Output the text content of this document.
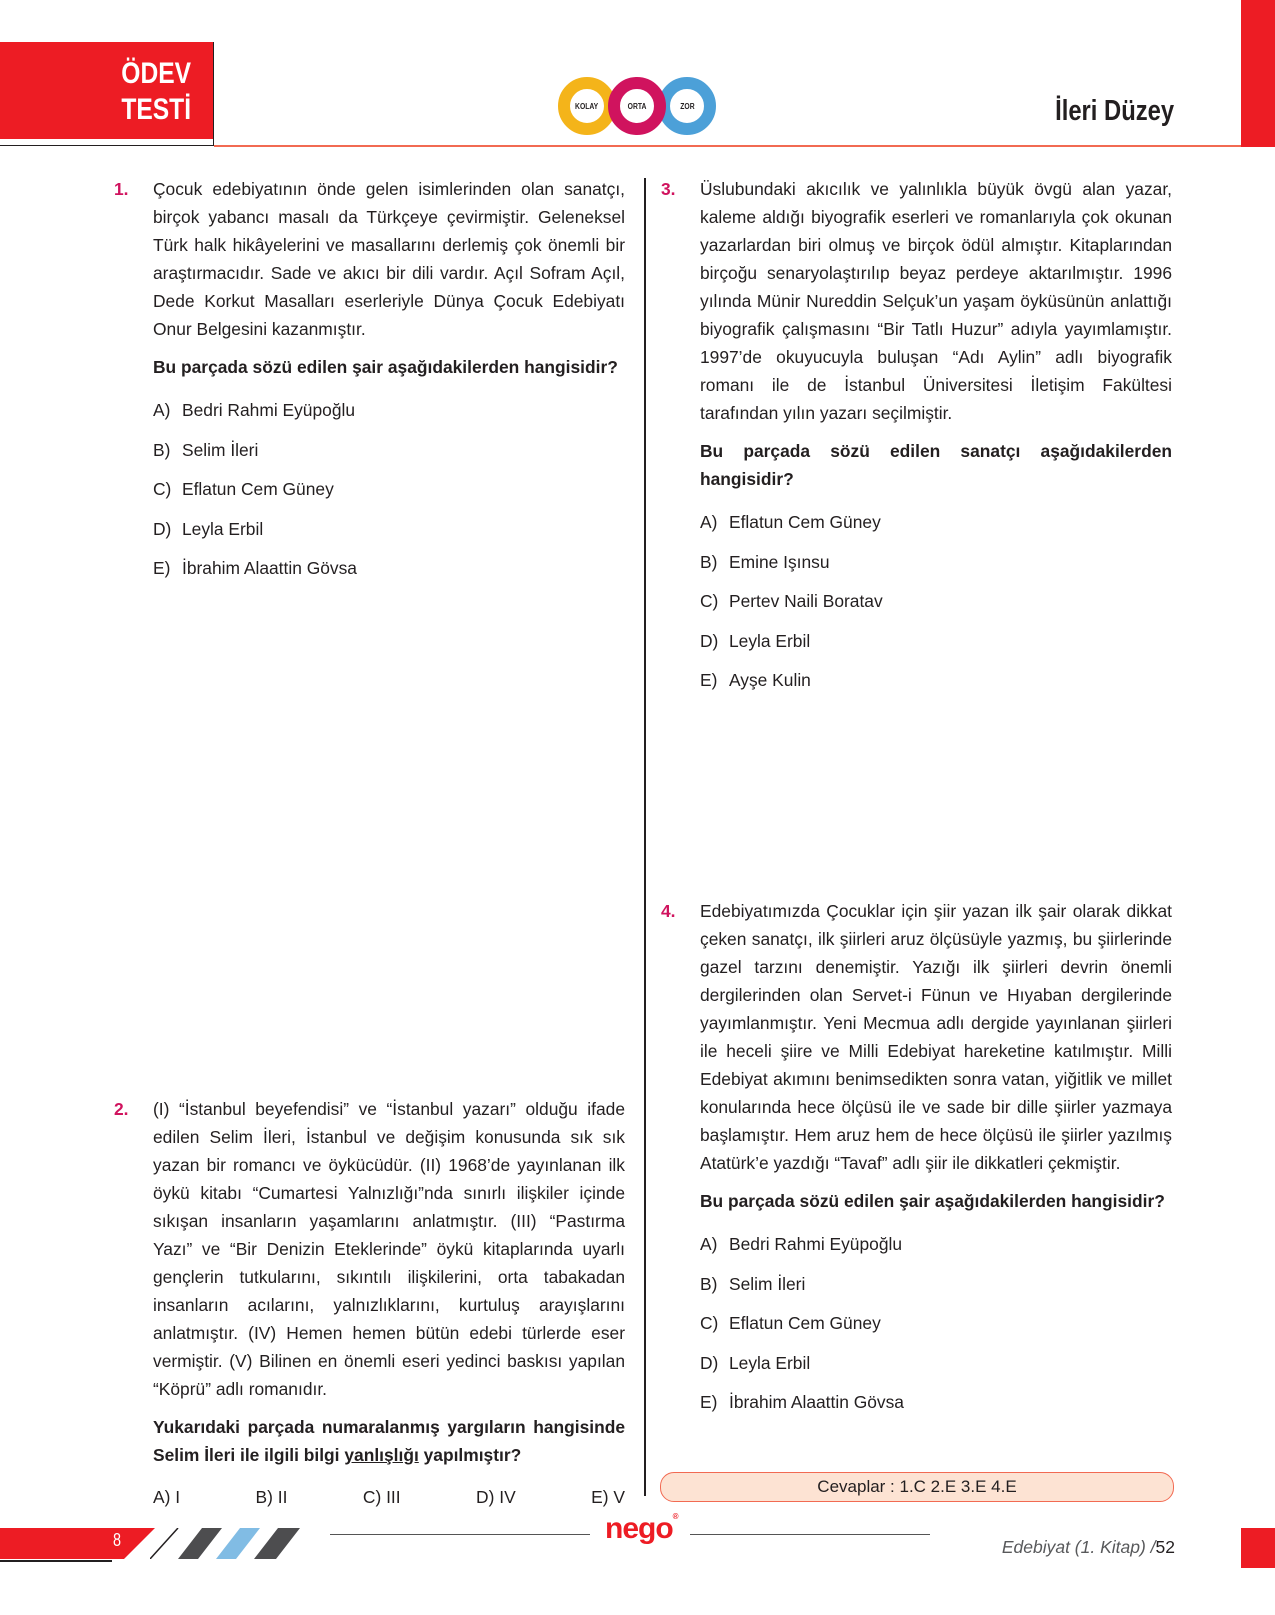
ÖDEV
TESTİ	KOLAY	ORTA	ZOR	İleri Düzey
1. Çocuk edebiyatının önde gelen isimlerinden olan sanatçı, birçok yabancı masalı da Türkçeye çevirmiştir. Geleneksel Türk halk hikâyelerini ve masallarını derlemiş çok önemli bir araştırmacıdır. Sade ve akıcı bir dili vardır. Açıl Sofram Açıl, Dede Korkut Masalları eserleriyle Dünya Çocuk Edebiyatı Onur Belgesini kazanmıştır.
Bu parçada sözü edilen şair aşağıdakilerden hangisidir?
A) Bedri Rahmi Eyüpoğlu
B) Selim İleri
C) Eflatun Cem Güney
D) Leyla Erbil
E) İbrahim Alaattin Gövsa
2. (I) “İstanbul beyefendisi” ve “İstanbul yazarı” olduğu ifade edilen Selim İleri, İstanbul ve değişim konusunda sık sık yazan bir romancı ve öykücüdür. (II) 1968’de yayınlanan ilk öykü kitabı “Cumartesi Yalnızlığı”nda sınırlı ilişkiler içinde sıkışan insanların yaşamlarını anlatmıştır. (III) “Pastırma Yazı” ve “Bir Denizin Eteklerinde” öykü kitaplarında uyarlı gençlerin tutkularını, sıkıntılı ilişkilerini, orta tabakadan insanların acılarını, yalnızlıklarını, kurtuluş arayışlarını anlatmıştır. (IV) Hemen hemen bütün edebi türlerde eser vermiştir. (V) Bilinen en önemli eseri yedinci baskısı yapılan “Köprü” adlı romanıdır.
Yukarıdaki parçada numaralanmış yargıların hangisinde Selim İleri ile ilgili bilgi yanlışlığı yapılmıştır?
A) I	B) II	C) III	D) IV	E) V
3. Üslubundaki akıcılık ve yalınlıkla büyük övgü alan yazar, kaleme aldığı biyografik eserleri ve romanlarıyla çok okunan yazarlardan biri olmuş ve birçok ödül almıştır. Kitaplarından birçoğu senaryolaştırılıp beyaz perdeye aktarılmıştır. 1996 yılında Münir Nureddin Selçuk’un yaşam öyküsünün anlattığı biyografik çalışmasını “Bir Tatlı Huzur” adıyla yayımlamıştır. 1997’de okuyucuyla buluşan “Adı Aylin” adlı biyografik romanı ile de İstanbul Üniversitesi İletişim Fakültesi tarafından yılın yazarı seçilmiştir.
Bu parçada sözü edilen sanatçı aşağıdakilerden hangisidir?
A) Eflatun Cem Güney
B) Emine Işınsu
C) Pertev Naili Boratav
D) Leyla Erbil
E) Ayşe Kulin
4. Edebiyatımızda Çocuklar için şiir yazan ilk şair olarak dikkat çeken sanatçı, ilk şiirleri aruz ölçüsüyle yazmış, bu şiirlerinde gazel tarzını denemiştir. Yazığı ilk şiirleri devrin önemli dergilerinden olan Servet-i Fünun ve Hıyaban dergilerinde yayımlanmıştır. Yeni Mecmua adlı dergide yayınlanan şiirleri ile heceli şiire ve Milli Edebiyat hareketine katılmıştır. Milli Edebiyat akımını benimsedikten sonra vatan, yiğitlik ve millet konularında hece ölçüsü ile ve sade bir dille şiirler yazmaya başlamıştır. Hem aruz hem de hece ölçüsü ile şiirler yazılmış Atatürk’e yazdığı “Tavaf” adlı şiir ile dikkatleri çekmiştir.
Bu parçada sözü edilen şair aşağıdakilerden hangisidir?
A) Bedri Rahmi Eyüpoğlu
B) Selim İleri
C) Eflatun Cem Güney
D) Leyla Erbil
E) İbrahim Alaattin Gövsa
Cevaplar : 1.C 2.E 3.E 4.E
8	nego®
Edebiyat (1. Kitap) /52
